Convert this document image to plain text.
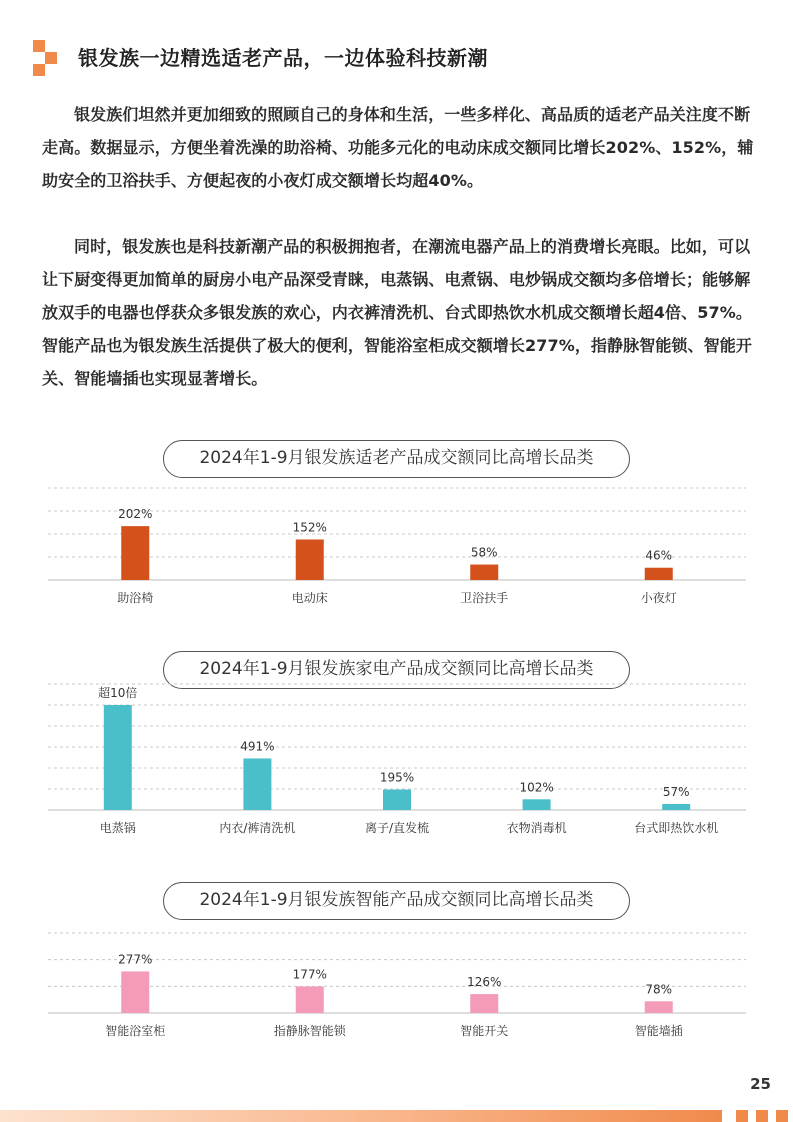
银发族一边精选适老产品，一边体验科技新潮

银发族们坦然并更加细致的照顾自己的身体和生活，一些多样化、高品质的适老产品关注度不断走高。数据显示，方便坐着洗澡的助浴椅、功能多元化的电动床成交额同比增长202%、152%，辅助安全的卫浴扶手、方便起夜的小夜灯成交额增长均超40%。

同时，银发族也是科技新潮产品的积极拥抱者，在潮流电器产品上的消费增长亮眼。比如，可以让下厨变得更加简单的厨房小电产品深受青睐，电蒸锅、电煮锅、电炒锅成交额均多倍增长；能够解放双手的电器也俘获众多银发族的欢心，内衣裤清洗机、台式即热饮水机成交额增长超4倍、57%。智能产品也为银发族生活提供了极大的便利，智能浴室柜成交额增长277%，指静脉智能锁、智能开关、智能墙插也实现显著增长。

2024年1-9月银发族适老产品成交额同比高增长品类
202%
助浴椅
152%
电动床
58%
卫浴扶手
46%
小夜灯
2024年1-9月银发族家电产品成交额同比高增长品类
超10倍
电蒸锅
491%
内衣/裤清洗机
195%
离子/直发梳
102%
衣物消毒机
57%
台式即热饮水机
2024年1-9月银发族智能产品成交额同比高增长品类
277%
智能浴室柜
177%
指静脉智能锁
126%
智能开关
78%
智能墙插
25
